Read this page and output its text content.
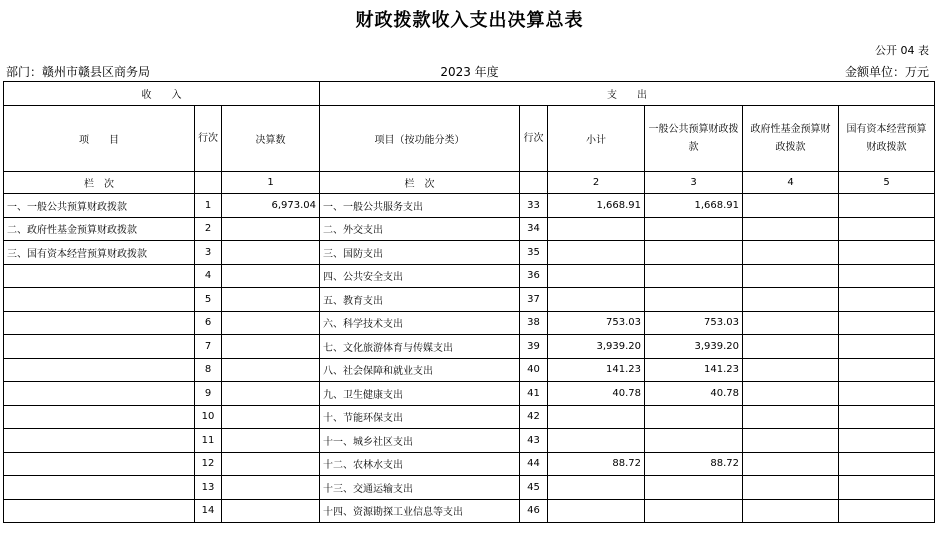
财政拨款收入支出决算总表
公开 04 表
部门：赣州市赣县区商务局	2023 年度	金额单位：万元
收　　入			支　　出					
项　　目	行次	决算数	项目（按功能分类）	行次	小计	一般公共预算财政拨款	政府性基金预算财政拨款	国有资本经营预算财政拨款
栏　次		1	栏　次		2	3	4	5
一、一般公共预算财政拨款	1	6,973.04	一、一般公共服务支出	33	1,668.91	1,668.91		
二、政府性基金预算财政拨款	2		二、外交支出	34				
三、国有资本经营预算财政拨款	3		三、国防支出	35				
	4		四、公共安全支出	36				
	5		五、教育支出	37				
	6		六、科学技术支出	38	753.03	753.03		
	7		七、文化旅游体育与传媒支出	39	3,939.20	3,939.20		
	8		八、社会保障和就业支出	40	141.23	141.23		
	9		九、卫生健康支出	41	40.78	40.78		
	10		十、节能环保支出	42				
	11		十一、城乡社区支出	43				
	12		十二、农林水支出	44	88.72	88.72		
	13		十三、交通运输支出	45				
	14		十四、资源勘探工业信息等支出	46				
